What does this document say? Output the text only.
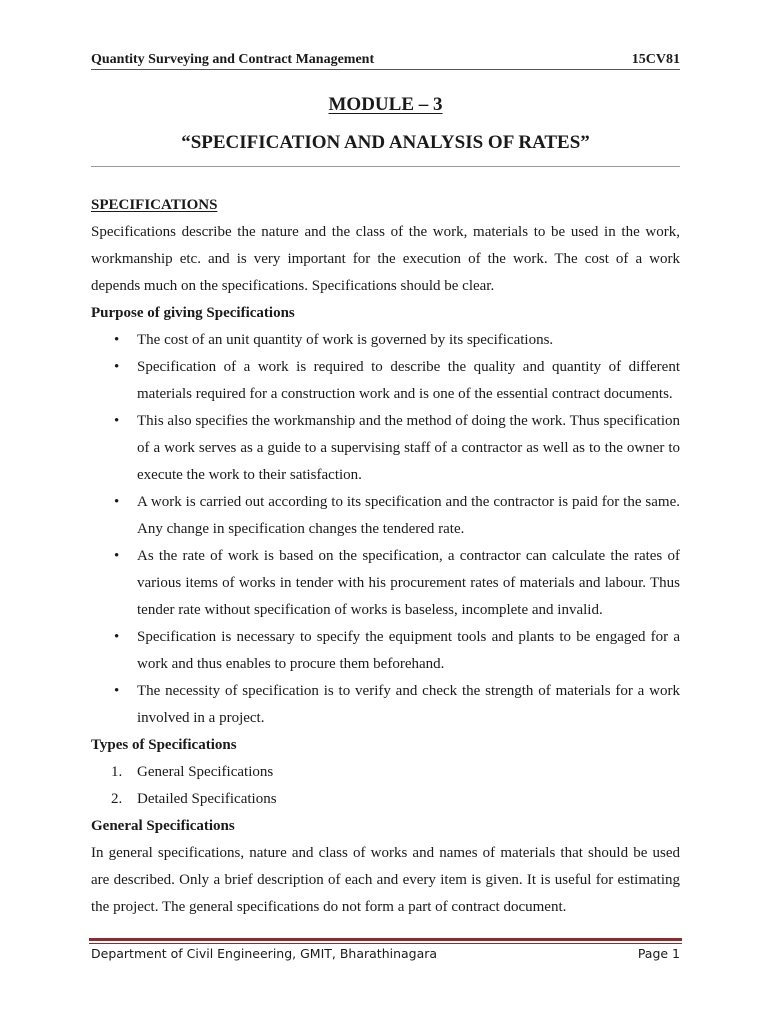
Quantity Surveying and Contract Management	15CV81
MODULE – 3
“SPECIFICATION AND ANALYSIS OF RATES”

SPECIFICATIONS

Specifications describe the nature and the class of the work, materials to be used in the work, workmanship etc. and is very important for the execution of the work. The cost of a work depends much on the specifications. Specifications should be clear.

Purpose of giving Specifications

• The cost of an unit quantity of work is governed by its specifications.
• Specification of a work is required to describe the quality and quantity of different materials required for a construction work and is one of the essential contract documents.
• This also specifies the workmanship and the method of doing the work. Thus specification of a work serves as a guide to a supervising staff of a contractor as well as to the owner to execute the work to their satisfaction.
• A work is carried out according to its specification and the contractor is paid for the same. Any change in specification changes the tendered rate.
• As the rate of work is based on the specification, a contractor can calculate the rates of various items of works in tender with his procurement rates of materials and labour. Thus tender rate without specification of works is baseless, incomplete and invalid.
• Specification is necessary to specify the equipment tools and plants to be engaged for a work and thus enables to procure them beforehand.
• The necessity of specification is to verify and check the strength of materials for a work involved in a project.

Types of Specifications

1. General Specifications
2. Detailed Specifications

General Specifications

In general specifications, nature and class of works and names of materials that should be used are described. Only a brief description of each and every item is given. It is useful for estimating the project. The general specifications do not form a part of contract document.

Department of Civil Engineering, GMIT, Bharathinagara	Page 1
